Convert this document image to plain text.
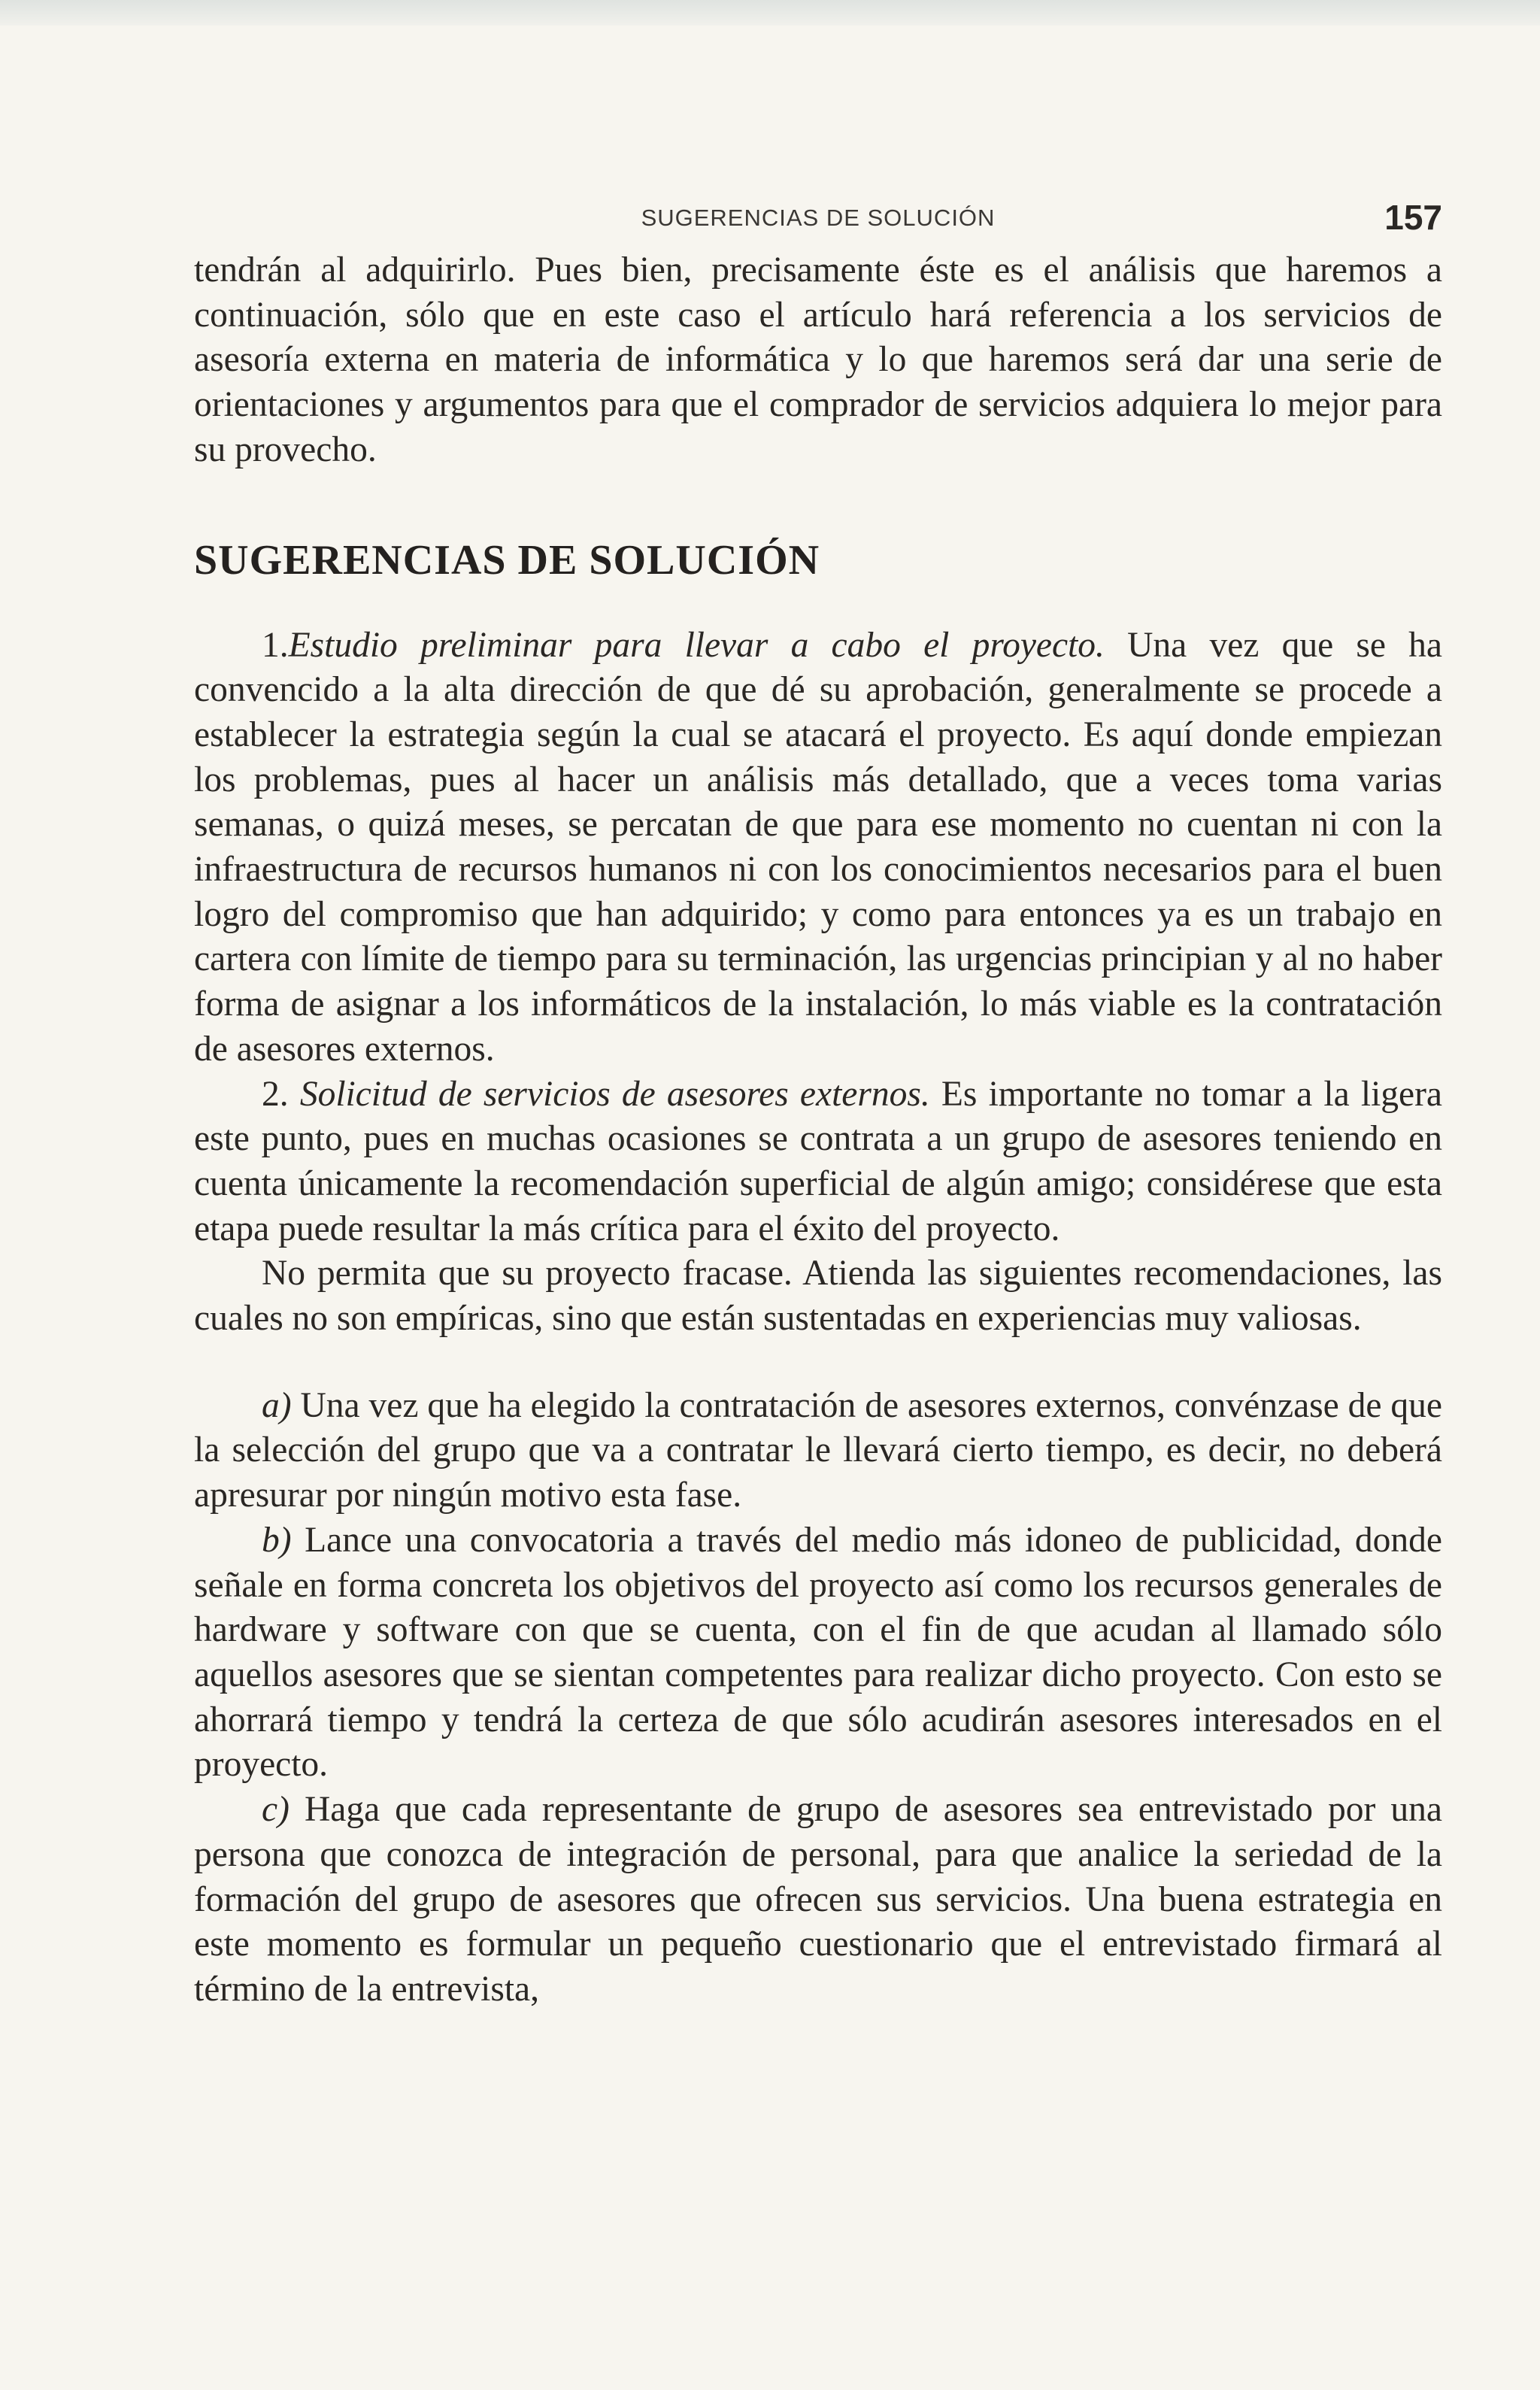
SUGERENCIAS DE SOLUCIÓN	157

tendrán al adquirirlo. Pues bien, precisamente éste es el análisis que haremos a continuación, sólo que en este caso el artículo hará referencia a los servicios de asesoría externa en materia de informática y lo que haremos será dar una serie de orientaciones y argumentos para que el comprador de servicios adquiera lo mejor para su provecho.

SUGERENCIAS DE SOLUCIÓN

1.Estudio preliminar para llevar a cabo el proyecto. Una vez que se ha convencido a la alta dirección de que dé su aprobación, generalmente se procede a establecer la estrategia según la cual se atacará el proyecto. Es aquí donde empiezan los problemas, pues al hacer un análisis más detallado, que a veces toma varias semanas, o quizá meses, se percatan de que para ese momento no cuentan ni con la infraestructura de recursos humanos ni con los conocimientos necesarios para el buen logro del compromiso que han adquirido; y como para entonces ya es un trabajo en cartera con límite de tiempo para su terminación, las urgencias principian y al no haber forma de asignar a los informáticos de la instalación, lo más viable es la contratación de asesores externos.

2. Solicitud de servicios de asesores externos. Es importante no tomar a la ligera este punto, pues en muchas ocasiones se contrata a un grupo de asesores teniendo en cuenta únicamente la recomendación superficial de algún amigo; considérese que esta etapa puede resultar la más crítica para el éxito del proyecto.

No permita que su proyecto fracase. Atienda las siguientes recomendaciones, las cuales no son empíricas, sino que están sustentadas en experiencias muy valiosas.

a) Una vez que ha elegido la contratación de asesores externos, convénzase de que la selección del grupo que va a contratar le llevará cierto tiempo, es decir, no deberá apresurar por ningún motivo esta fase.

b) Lance una convocatoria a través del medio más idoneo de publicidad, donde señale en forma concreta los objetivos del proyecto así como los recursos generales de hardware y software con que se cuenta, con el fin de que acudan al llamado sólo aquellos asesores que se sientan competentes para realizar dicho proyecto. Con esto se ahorrará tiempo y tendrá la certeza de que sólo acudirán asesores interesados en el proyecto.

c) Haga que cada representante de grupo de asesores sea entrevistado por una persona que conozca de integración de personal, para que analice la seriedad de la formación del grupo de asesores que ofrecen sus servicios. Una buena estrategia en este momento es formular un pequeño cuestionario que el entrevistado firmará al término de la entrevista,
